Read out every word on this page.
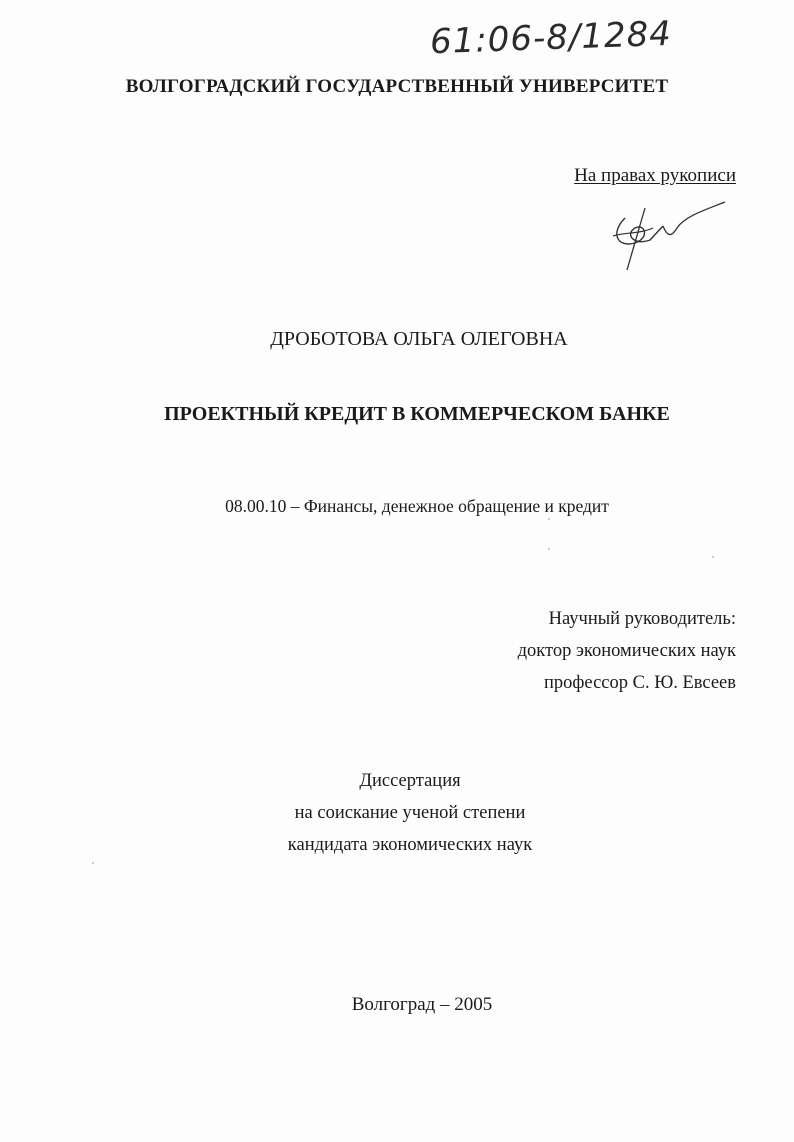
61:06-8/1284
ВОЛГОГРАДСКИЙ ГОСУДАРСТВЕННЫЙ УНИВЕРСИТЕТ
На правах рукописи
ДРОБОТОВА ОЛЬГА ОЛЕГОВНА
ПРОЕКТНЫЙ КРЕДИТ В КОММЕРЧЕСКОМ БАНКЕ
08.00.10 – Финансы, денежное обращение и кредит
Научный руководитель:
доктор экономических наук
профессор С. Ю. Евсеев
Диссертация
на соискание ученой степени
кандидата экономических наук
Волгоград – 2005
